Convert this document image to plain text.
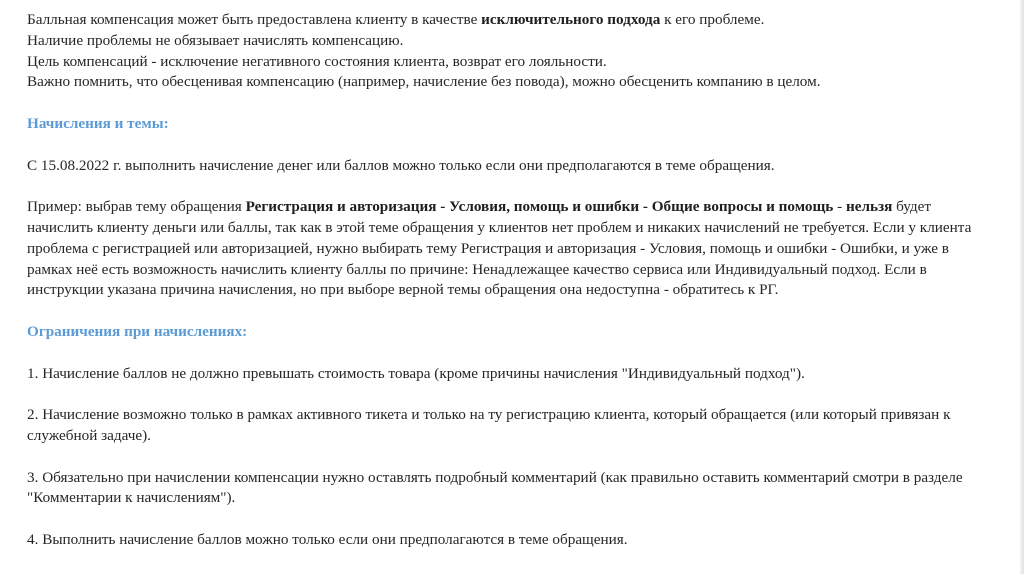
Балльная компенсация может быть предоставлена клиенту в качестве исключительного подхода к его проблеме.

Наличие проблемы не обязывает начислять компенсацию.

Цель компенсаций - исключение негативного состояния клиента, возврат его лояльности.

Важно помнить, что обесценивая компенсацию (например, начисление без повода), можно обесценить компанию в целом.

Начисления и темы:

С 15.08.2022 г. выполнить начисление денег или баллов можно только если они предполагаются в теме обращения.

Пример: выбрав тему обращения Регистрация и авторизация - Условия, помощь и ошибки - Общие вопросы и помощь - нельзя будет начислить клиенту деньги или баллы, так как в этой теме обращения у клиентов нет проблем и никаких начислений не требуется. Если у клиента проблема с регистрацией или авторизацией, нужно выбирать тему Регистрация и авторизация - Условия, помощь и ошибки - Ошибки, и уже в рамках неё есть возможность начислить клиенту баллы по причине: Ненадлежащее качество сервиса или Индивидуальный подход. Если в инструкции указана причина начисления, но при выборе верной темы обращения она недоступна - обратитесь к РГ.

Ограничения при начислениях:

1. Начисление баллов не должно превышать стоимость товара (кроме причины начисления "Индивидуальный подход").

2. Начисление возможно только в рамках активного тикета и только на ту регистрацию клиента, который обращается (или который привязан к служебной задаче).

3. Обязательно при начислении компенсации нужно оставлять подробный комментарий (как правильно оставить комментарий смотри в разделе "Комментарии к начислениям").

4. Выполнить начисление баллов можно только если они предполагаются в теме обращения.
